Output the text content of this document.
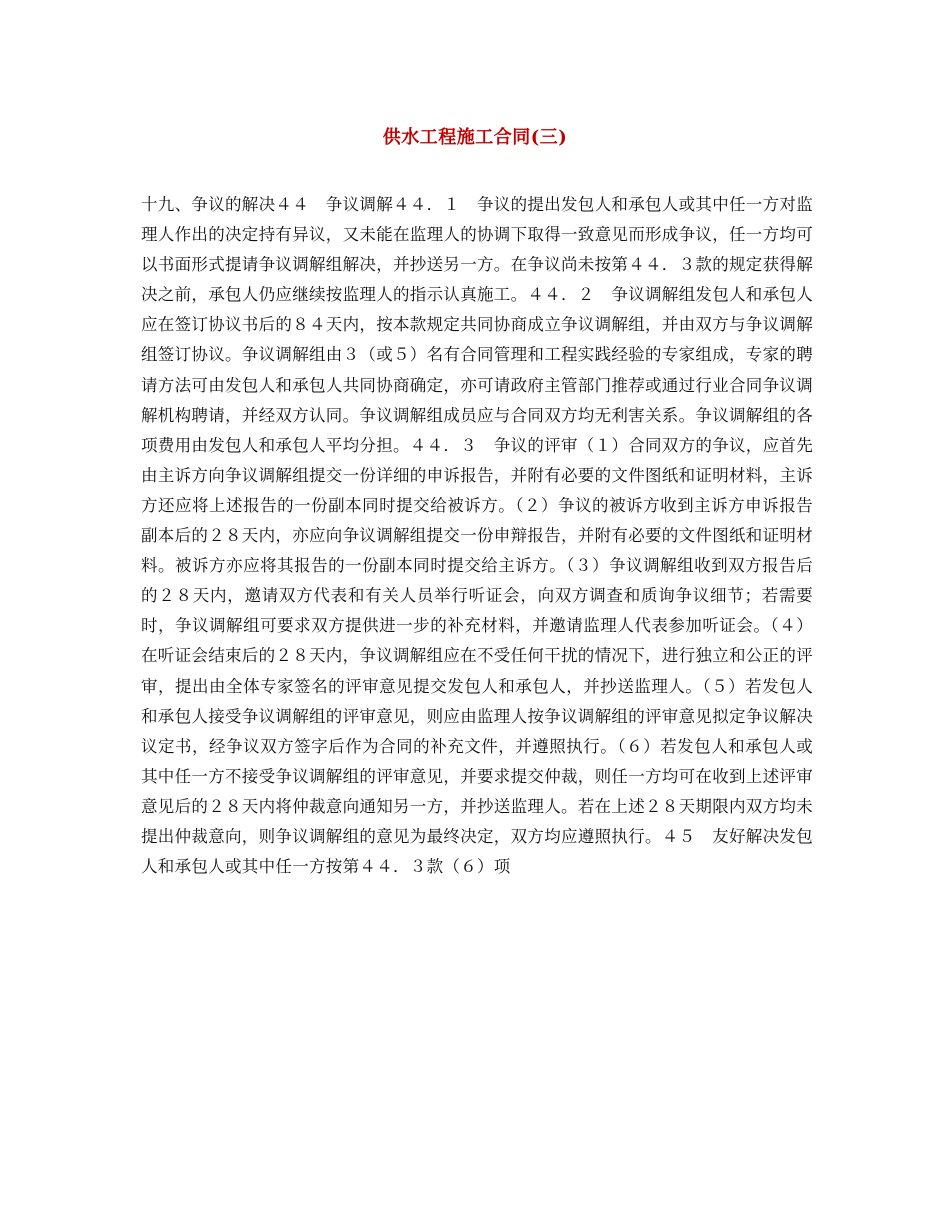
供水工程施工合同(三)

十九、争议的解决４４　争议调解４４．１　争议的提出发包人和承包人或其中任一方对监理人作出的决定持有异议，又未能在监理人的协调下取得一致意见而形成争议，任一方均可以书面形式提请争议调解组解决，并抄送另一方。在争议尚未按第４４．３款的规定获得解决之前，承包人仍应继续按监理人的指示认真施工。４４．２　争议调解组发包人和承包人应在签订协议书后的８４天内，按本款规定共同协商成立争议调解组，并由双方与争议调解组签订协议。争议调解组由３（或５）名有合同管理和工程实践经验的专家组成，专家的聘请方法可由发包人和承包人共同协商确定，亦可请政府主管部门推荐或通过行业合同争议调解机构聘请，并经双方认同。争议调解组成员应与合同双方均无利害关系。争议调解组的各项费用由发包人和承包人平均分担。４４．３　争议的评审（１）合同双方的争议，应首先由主诉方向争议调解组提交一份详细的申诉报告，并附有必要的文件图纸和证明材料，主诉方还应将上述报告的一份副本同时提交给被诉方。（２）争议的被诉方收到主诉方申诉报告副本后的２８天内，亦应向争议调解组提交一份申辩报告，并附有必要的文件图纸和证明材料。被诉方亦应将其报告的一份副本同时提交给主诉方。（３）争议调解组收到双方报告后的２８天内，邀请双方代表和有关人员举行听证会，向双方调查和质询争议细节；若需要时，争议调解组可要求双方提供进一步的补充材料，并邀请监理人代表参加听证会。（４）在听证会结束后的２８天内，争议调解组应在不受任何干扰的情况下，进行独立和公正的评审，提出由全体专家签名的评审意见提交发包人和承包人，并抄送监理人。（５）若发包人和承包人接受争议调解组的评审意见，则应由监理人按争议调解组的评审意见拟定争议解决议定书，经争议双方签字后作为合同的补充文件，并遵照执行。（６）若发包人和承包人或其中任一方不接受争议调解组的评审意见，并要求提交仲裁，则任一方均可在收到上述评审意见后的２８天内将仲裁意向通知另一方，并抄送监理人。若在上述２８天期限内双方均未提出仲裁意向，则争议调解组的意见为最终决定，双方均应遵照执行。４５　友好解决发包人和承包人或其中任一方按第４４．３款（６）项
